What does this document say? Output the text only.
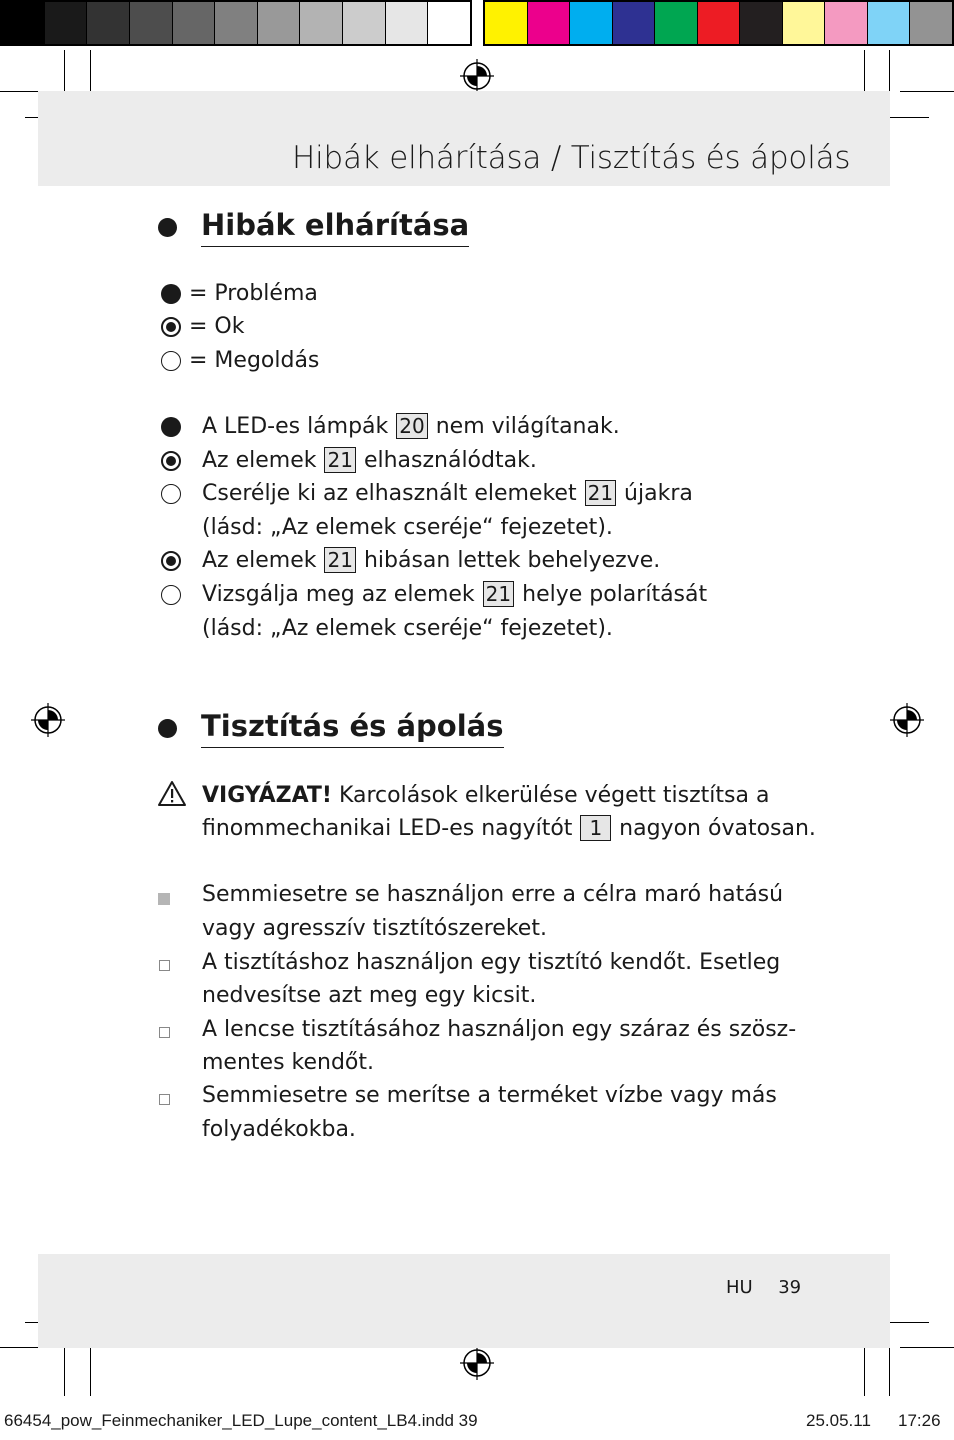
Hibák elhárítása / Tisztítás és ápolás
Hibák elhárítása
= Probléma
= Ok
= Megoldás
A LED-es lámpák 20 nem világítanak.
Az elemek 21 elhasználódtak.
Cserélje ki az elhasznált elemeket 21 újakra
(lásd: „Az elemek cseréje“ fejezetet).
Az elemek 21 hibásan lettek behelyezve.
Vizsgálja meg az elemek 21 helye polarítását
(lásd: „Az elemek cseréje“ fejezetet).
Tisztítás és ápolás
VIGYÁZAT! Karcolások elkerülése végett tisztítsa a
finommechanikai LED-es nagyítót 1 nagyon óvatosan.
Semmiesetre se használjon erre a célra maró hatású
vagy agresszív tisztítószereket.
A tisztításhoz használjon egy tisztító kendőt. Esetleg
nedvesítse azt meg egy kicsit.
A lencse tisztításához használjon egy száraz és szösz-
mentes kendőt.
Semmiesetre se merítse a terméket vízbe vagy más
folyadékokba.
HU 39
66454_pow_Feinmechaniker_LED_Lupe_content_LB4.indd 39	25.05.11 17:26
